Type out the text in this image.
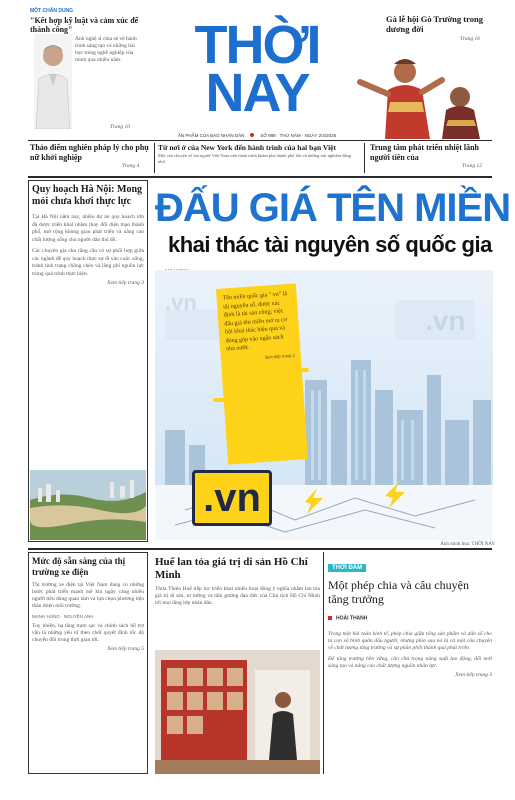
MỘT CHÂN DUNG
"Kết hợp kỹ luật và cảm xúc để thành công"
Ảnh nghệ sĩ chia sẻ về hành trình sáng tạo và những bài học trong nghề nghiệp của mình qua nhiều năm.
Trang 10
THỜI
NAY
ẤN PHẨM CỦA BÁO NHÂN DÂN	SỐ 988 · THỨ NĂM · NGÀY 2/4/2026
Gà lễ hội Gò Trường trong dương đời
Trang 16
Thảo điểm nghiên pháp lý cho phụ nữ khởi nghiệp
Trang 4
Từ nơi ở của New York đến hành trình của hai bạn Việt
Một câu chuyện về hai người Việt Nam trên hành trình khám phá thành phố lớn và những trải nghiệm đáng nhớ.
Trung tâm phát triển nhiệt lãnh người tiên của
Trang 12
Quy hoạch Hà Nội: Mong mỏi chưa khơi thực lực
Tại Hà Nội năm nay, nhiều dự án quy hoạch lớn đã được triển khai nhằm thay đổi diện mạo thành phố, mở rộng không gian phát triển và nâng cao chất lượng sống cho người dân thủ đô.
Các chuyên gia cho rằng cần có sự phối hợp giữa các ngành để quy hoạch thực sự đi vào cuộc sống, tránh tình trạng chồng chéo và lãng phí nguồn lực trong quá trình thực hiện.
Xem tiếp trang 3
ĐẤU GIÁ TÊN MIỀN
khai thác tài nguyên số quốc gia
.vn
.vn	Tên miền quốc gia ".vn" là tài nguyên số, được xác định là tài sản công; việc đấu giá tên miền mở ra cơ hội khai thác hiệu quả và đóng góp vào ngân sách nhà nước.
Xem tiếp trang 2
.vn
Ảnh minh họa: THỜI NAY
Mức độ sẵn sàng của thị trường xe điện
Thị trường xe điện tại Việt Nam đang có những bước phát triển mạnh mẽ khi ngày càng nhiều người tiêu dùng quan tâm và lựa chọn phương tiện thân thiện môi trường.
MẠNH HÙNG · NGUYỄN ANH
Tuy nhiên, hạ tầng trạm sạc và chính sách hỗ trợ vẫn là những yếu tố then chốt quyết định tốc độ chuyển đổi trong thời gian tới.
Xem tiếp trang 5
Huế lan tỏa giá trị di sản Hồ Chí Minh
Thừa Thiên Huế tiếp tục triển khai nhiều hoạt động ý nghĩa nhằm lan tỏa giá trị di sản, tư tưởng và tấm gương đạo đức của Chủ tịch Hồ Chí Minh tới mọi tầng lớp nhân dân.
THỜI ĐÀM
Một phép chia và câu chuyện tăng trưởng
HOÀI THANH
Trong một bài toán kinh tế, phép chia giữa tổng sản phẩm và dân số cho ta con số bình quân đầu người, nhưng phía sau nó là cả một câu chuyện về chất lượng tăng trưởng và sự phân phối thành quả phát triển.
Để tăng trưởng bền vững, cần chú trọng năng suất lao động, đổi mới sáng tạo và nâng cao chất lượng nguồn nhân lực.
Xem tiếp trang 3
